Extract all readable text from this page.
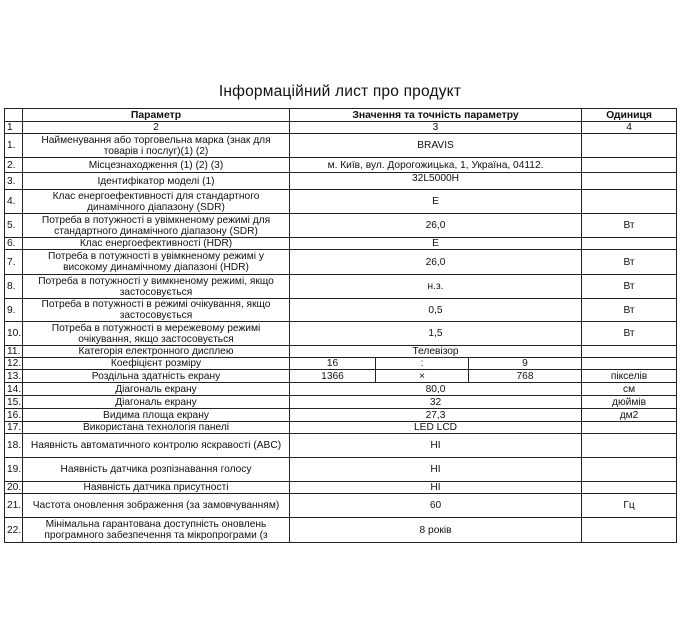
Інформаційний лист про продукт
	Параметр	Значення та точність параметру			Одиниця
1	2	3			4
1.	Найменування або торговельна марка (знак для товарів і послуг)(1) (2)	BRAVIS			
2.	Місцезнаходження (1) (2) (3)	м. Київ, вул. Дорогожицька, 1, Україна, 04112.			
3.	Ідентифікатор моделі (1)	32L5000H			
4.	Клас енергоефективності для стандартного динамічного діапазону (SDR)	E			
5.	Потреба в потужності в увімкненому режимі для стандартного динамічного діапазону (SDR)	26,0			Вт
6.	Клас енергоефективності (HDR)	E			
7.	Потреба в потужності в увімкненому режимі у високому динамічному діапазоні (HDR)	26,0			Вт
8.	Потреба в потужності у вимкненому режимі, якщо застосовується	н.з.			Вт
9.	Потреба в потужності в режимі очікування, якщо застосовується	0,5			Вт
10.	Потреба в потужності в мережевому режимі очікування, якщо застосовується	1,5			Вт
11.	Категорія електронного дисплею	Телевізор			
12.	Коефіцієнт розміру	16	:	9	
13.	Роздільна здатність екрану	1366	×	768	пікселів
14.	Діагональ екрану	80,0			см
15.	Діагональ екрану	32			дюймів
16.	Видима площа екрану	27,3			дм2
17.	Використана технологія панелі	LED LCD			
18.	Наявність автоматичного контролю яскравості (ABC)	НІ			
19.	Наявність датчика розпізнавання голосу	НІ			
20.	Наявність датчика присутності	НІ			
21.	Частота оновлення зображення (за замовчуванням)	60			Гц
22.	Мінімальна гарантована доступність оновлень програмного забезпечення та мікропрограми (з	8 років			
